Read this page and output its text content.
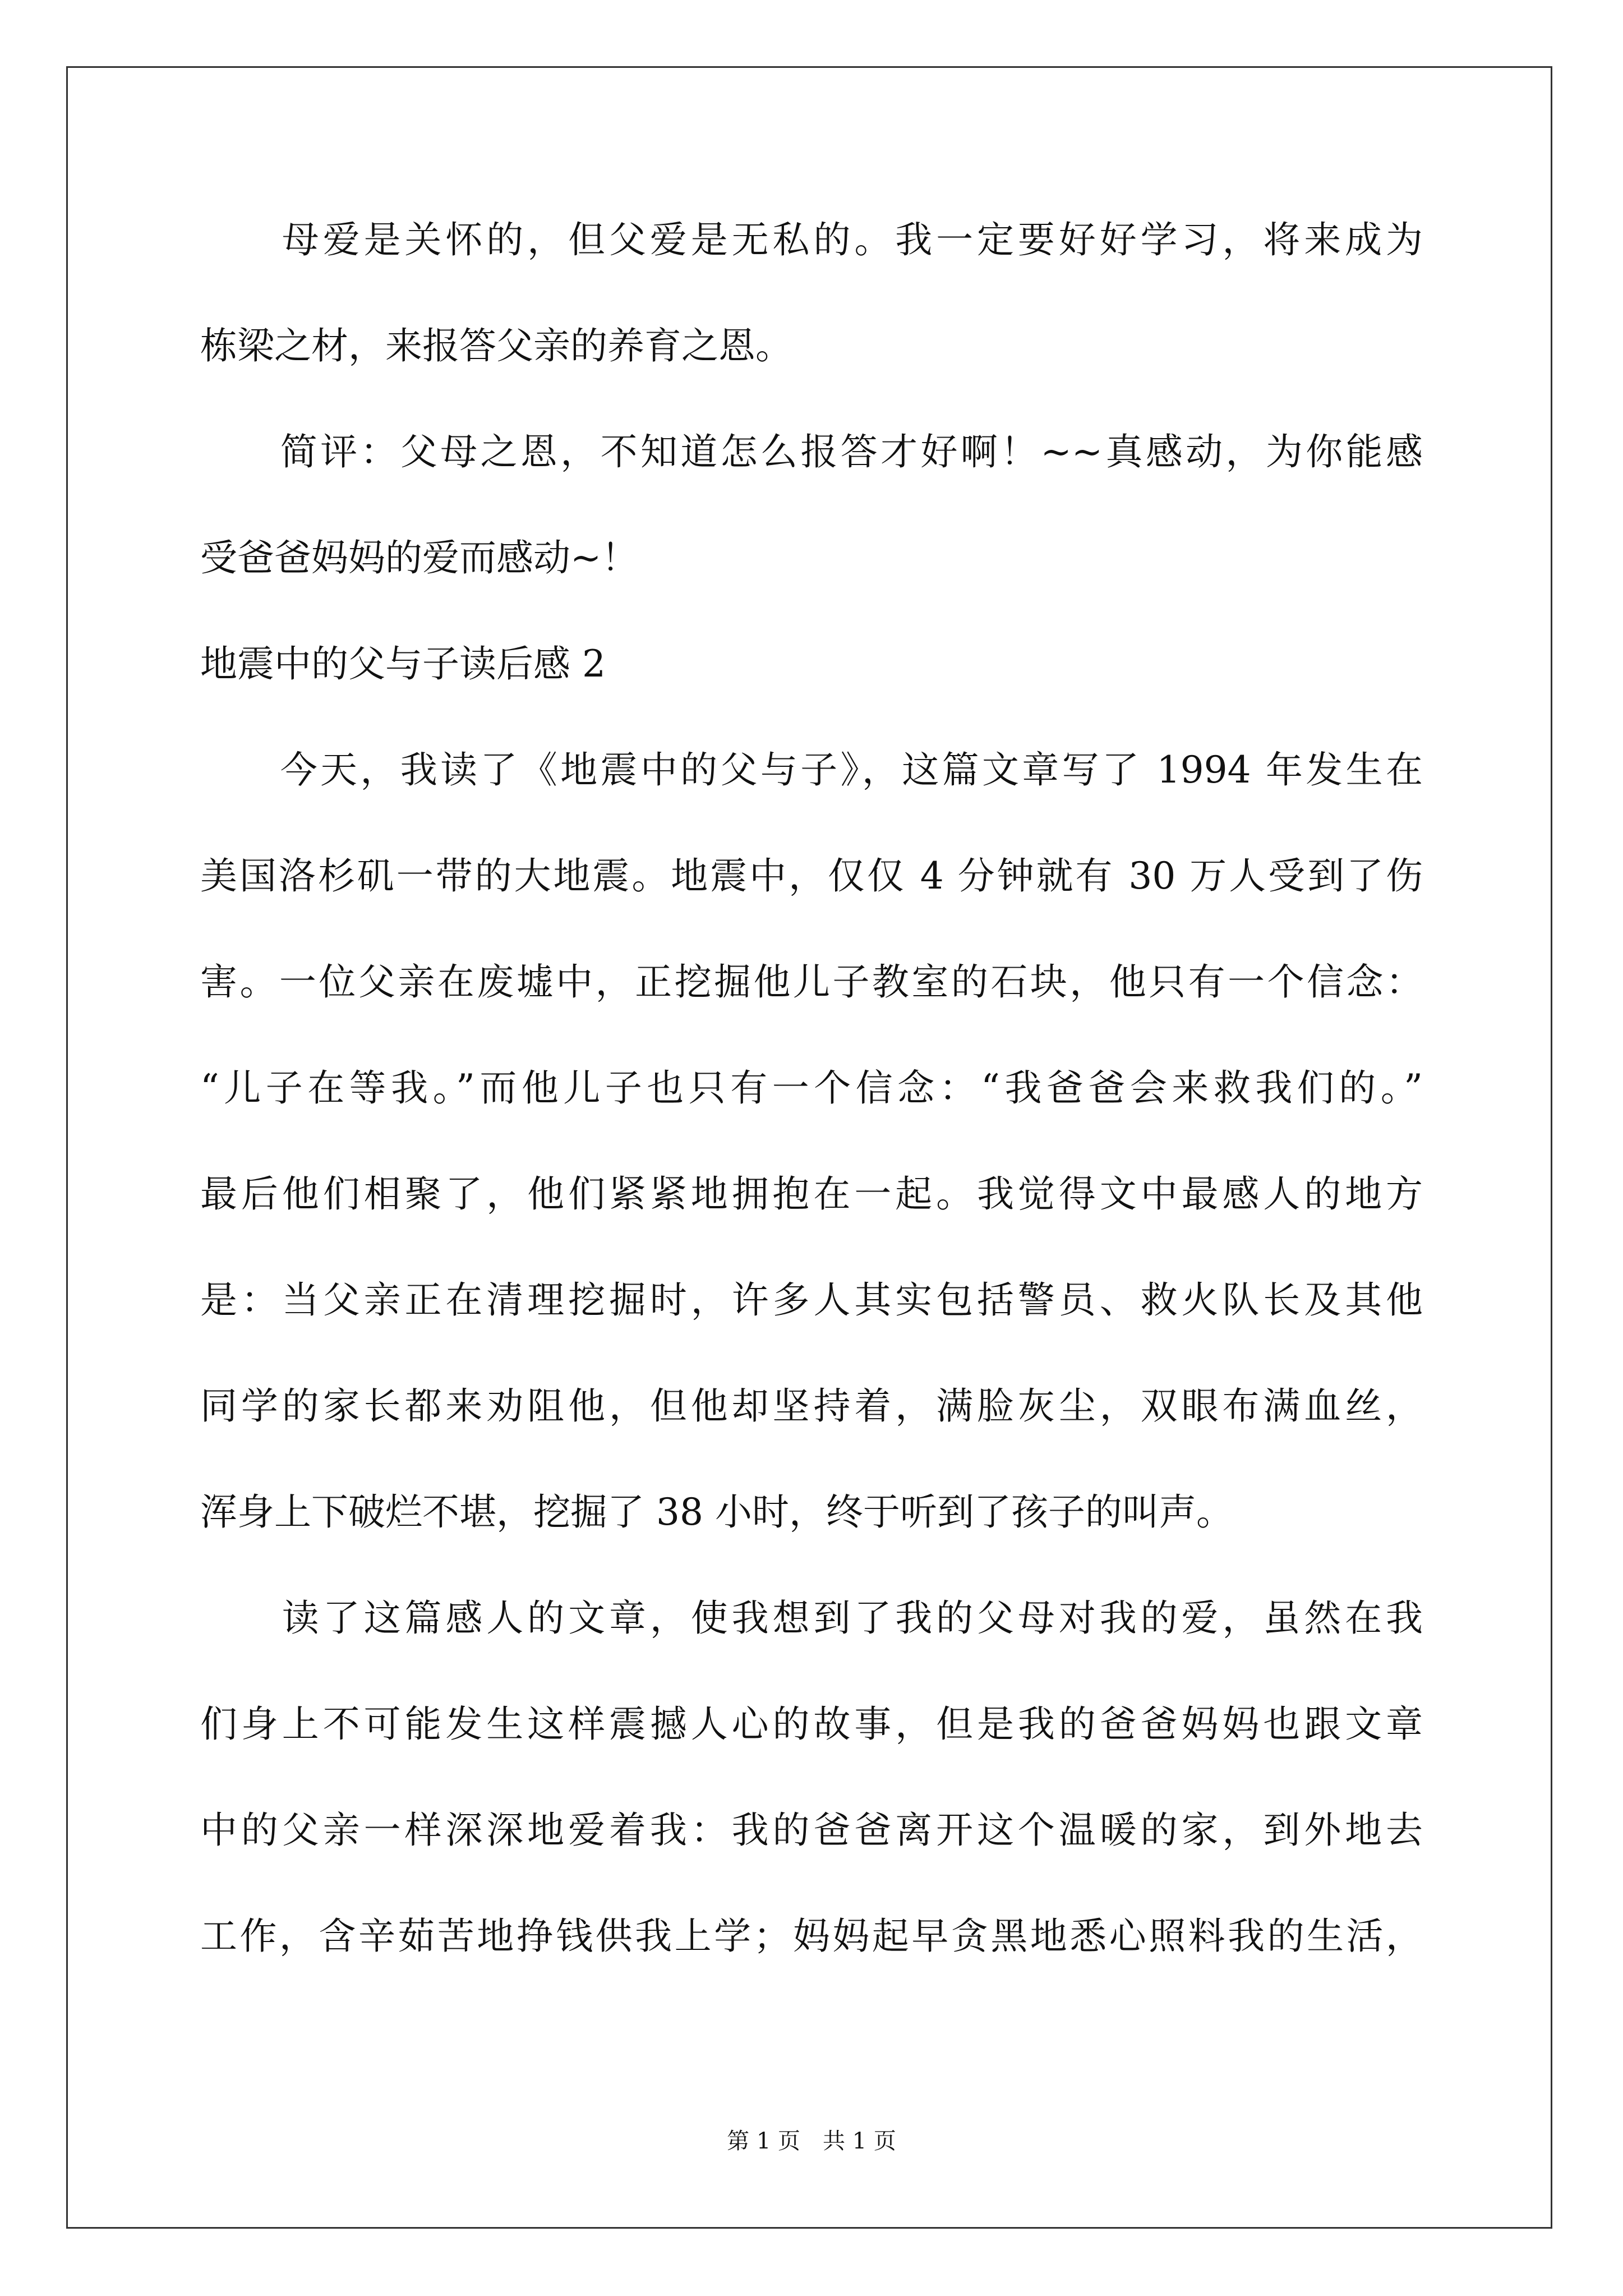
　　母爱是关怀的，但父爱是无私的。我一定要好好学习，将来成为
栋梁之材，来报答父亲的养育之恩。
　　简评：父母之恩，不知道怎么报答才好啊！~~真感动，为你能感
受爸爸妈妈的爱而感动~！
地震中的父与子读后感 2
　　今天，我读了《地震中的父与子》，这篇文章写了 1994 年发生在
美国洛杉矶一带的大地震。地震中，仅仅 4 分钟就有 30 万人受到了伤
害。一位父亲在废墟中，正挖掘他儿子教室的石块，他只有一个信念：
“儿子在等我。”而他儿子也只有一个信念：“我爸爸会来救我们的。”
最后他们相聚了，他们紧紧地拥抱在一起。我觉得文中最感人的地方
是：当父亲正在清理挖掘时，许多人其实包括警员、救火队长及其他
同学的家长都来劝阻他，但他却坚持着，满脸灰尘，双眼布满血丝，
浑身上下破烂不堪，挖掘了 38 小时，终于听到了孩子的叫声。
　　读了这篇感人的文章，使我想到了我的父母对我的爱，虽然在我
们身上不可能发生这样震撼人心的故事，但是我的爸爸妈妈也跟文章
中的父亲一样深深地爱着我：我的爸爸离开这个温暖的家，到外地去
工作，含辛茹苦地挣钱供我上学；妈妈起早贪黑地悉心照料我的生活，
第 1 页　共 1 页
